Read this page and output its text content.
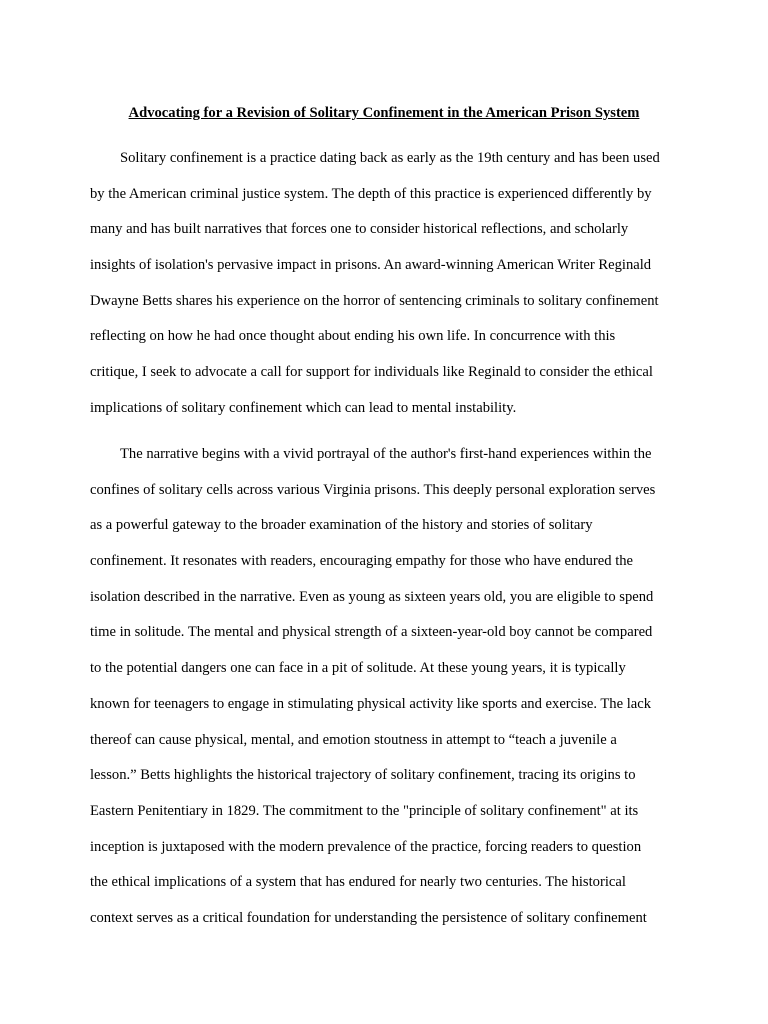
Advocating for a Revision of Solitary Confinement in the American Prison System
Solitary confinement is a practice dating back as early as the 19th century and has been used
by the American criminal justice system. The depth of this practice is experienced differently by
many and has built narratives that forces one to consider historical reflections, and scholarly
insights of isolation's pervasive impact in prisons. An award-winning American Writer Reginald
Dwayne Betts shares his experience on the horror of sentencing criminals to solitary confinement
reflecting on how he had once thought about ending his own life. In concurrence with this
critique, I seek to advocate a call for support for individuals like Reginald to consider the ethical
implications of solitary confinement which can lead to mental instability.
The narrative begins with a vivid portrayal of the author's first-hand experiences within the
confines of solitary cells across various Virginia prisons. This deeply personal exploration serves
as a powerful gateway to the broader examination of the history and stories of solitary
confinement. It resonates with readers, encouraging empathy for those who have endured the
isolation described in the narrative. Even as young as sixteen years old, you are eligible to spend
time in solitude. The mental and physical strength of a sixteen-year-old boy cannot be compared
to the potential dangers one can face in a pit of solitude. At these young years, it is typically
known for teenagers to engage in stimulating physical activity like sports and exercise. The lack
thereof can cause physical, mental, and emotion stoutness in attempt to “teach a juvenile a
lesson.” Betts highlights the historical trajectory of solitary confinement, tracing its origins to
Eastern Penitentiary in 1829. The commitment to the "principle of solitary confinement" at its
inception is juxtaposed with the modern prevalence of the practice, forcing readers to question
the ethical implications of a system that has endured for nearly two centuries. The historical
context serves as a critical foundation for understanding the persistence of solitary confinement
